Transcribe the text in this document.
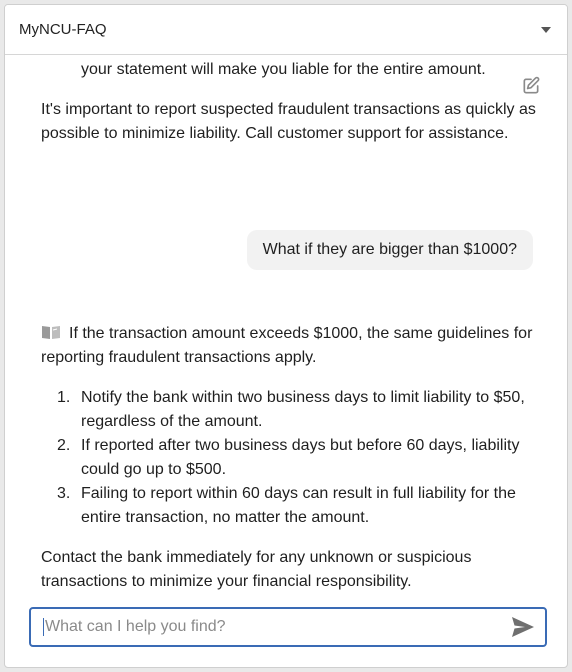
MyNCU-FAQ
your statement will make you liable for the entire amount.
It's important to report suspected fraudulent transactions as quickly as possible to minimize liability. Call customer support for assistance.
What if they are bigger than $1000?
If the transaction amount exceeds $1000, the same guidelines for reporting fraudulent transactions apply.
1. Notify the bank within two business days to limit liability to $50, regardless of the amount.
2. If reported after two business days but before 60 days, liability could go up to $500.
3. Failing to report within 60 days can result in full liability for the entire transaction, no matter the amount.
Contact the bank immediately for any unknown or suspicious transactions to minimize your financial responsibility.
What can I help you find?
